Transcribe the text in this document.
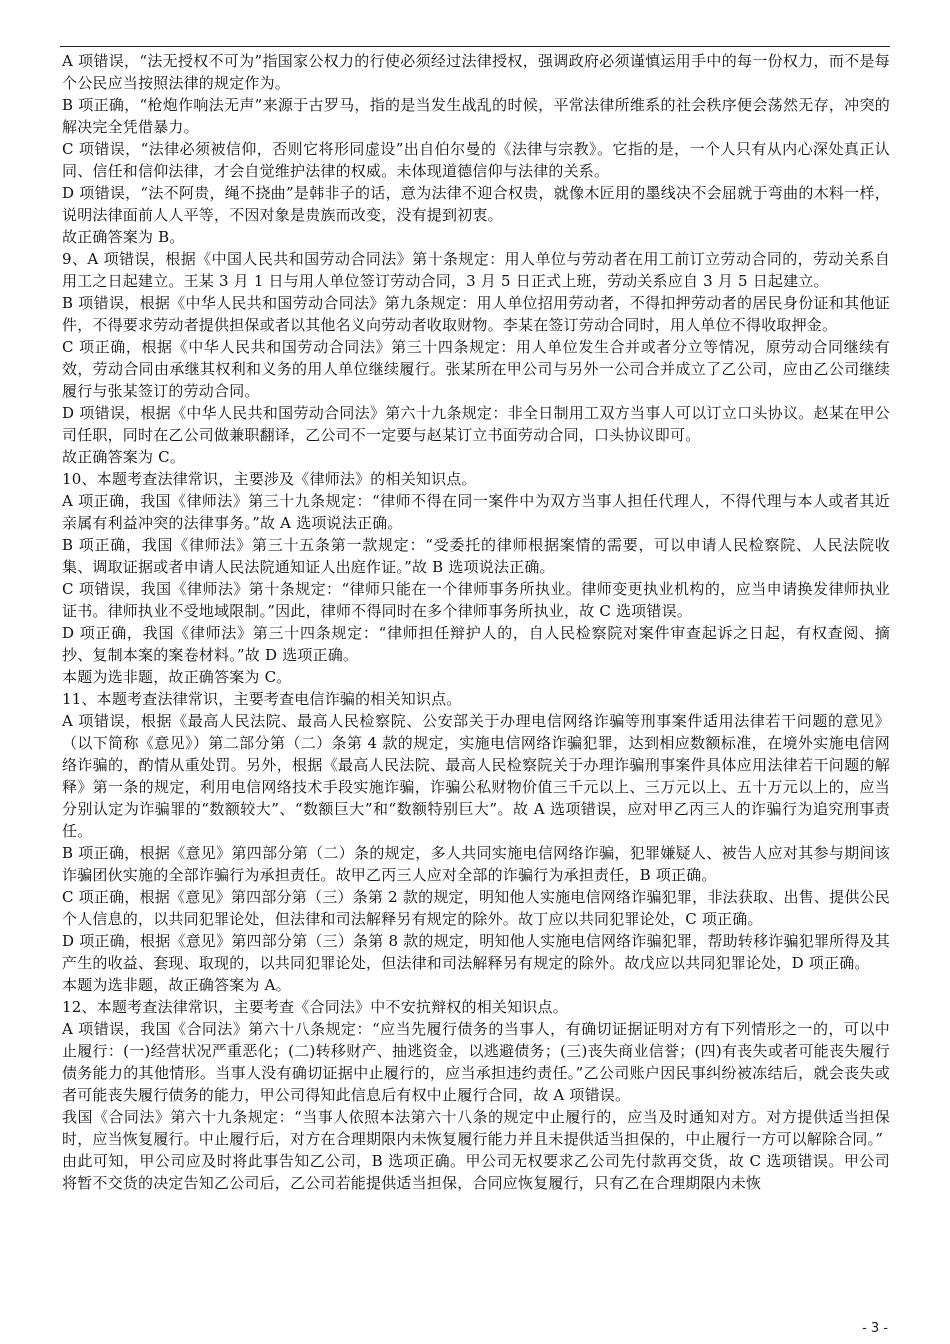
A 项错误，“法无授权不可为”指国家公权力的行使必须经过法律授权，强调政府必须谨慎运用手中的每一份权力，而不是每个公民应当按照法律的规定作为。

B 项正确，“枪炮作响法无声”来源于古罗马，指的是当发生战乱的时候，平常法律所维系的社会秩序便会荡然无存，冲突的解决完全凭借暴力。

C 项错误，“法律必须被信仰，否则它将形同虚设”出自伯尔曼的《法律与宗教》。它指的是，一个人只有从内心深处真正认同、信任和信仰法律，才会自觉维护法律的权威。未体现道德信仰与法律的关系。

D 项错误，“法不阿贵，绳不挠曲”是韩非子的话，意为法律不迎合权贵，就像木匠用的墨线决不会屈就于弯曲的木料一样，说明法律面前人人平等，不因对象是贵族而改变，没有提到初衷。

故正确答案为 B。

9、A 项错误，根据《中国人民共和国劳动合同法》第十条规定：用人单位与劳动者在用工前订立劳动合同的，劳动关系自用工之日起建立。王某 3 月 1 日与用人单位签订劳动合同，3 月 5 日正式上班，劳动关系应自 3 月 5 日起建立。

B 项错误，根据《中华人民共和国劳动合同法》第九条规定：用人单位招用劳动者，不得扣押劳动者的居民身份证和其他证件，不得要求劳动者提供担保或者以其他名义向劳动者收取财物。李某在签订劳动合同时，用人单位不得收取押金。

C 项正确，根据《中华人民共和国劳动合同法》第三十四条规定：用人单位发生合并或者分立等情况，原劳动合同继续有效，劳动合同由承继其权利和义务的用人单位继续履行。张某所在甲公司与另外一公司合并成立了乙公司，应由乙公司继续履行与张某签订的劳动合同。

D 项错误，根据《中华人民共和国劳动合同法》第六十九条规定：非全日制用工双方当事人可以订立口头协议。赵某在甲公司任职，同时在乙公司做兼职翻译，乙公司不一定要与赵某订立书面劳动合同，口头协议即可。

故正确答案为 C。

10、本题考查法律常识，主要涉及《律师法》的相关知识点。

A 项正确，我国《律师法》第三十九条规定：“律师不得在同一案件中为双方当事人担任代理人，不得代理与本人或者其近亲属有利益冲突的法律事务。”故 A 选项说法正确。

B 项正确，我国《律师法》第三十五条第一款规定：“受委托的律师根据案情的需要，可以申请人民检察院、人民法院收集、调取证据或者申请人民法院通知证人出庭作证。”故 B 选项说法正确。

C 项错误，我国《律师法》第十条规定：“律师只能在一个律师事务所执业。律师变更执业机构的，应当申请换发律师执业证书。律师执业不受地域限制。”因此，律师不得同时在多个律师事务所执业，故 C 选项错误。

D 项正确，我国《律师法》第三十四条规定：“律师担任辩护人的，自人民检察院对案件审查起诉之日起，有权查阅、摘抄、复制本案的案卷材料。”故 D 选项正确。

本题为选非题，故正确答案为 C。

11、本题考查法律常识，主要考查电信诈骗的相关知识点。

A 项错误，根据《最高人民法院、最高人民检察院、公安部关于办理电信网络诈骗等刑事案件适用法律若干问题的意见》（以下简称《意见》）第二部分第（二）条第 4 款的规定，实施电信网络诈骗犯罪，达到相应数额标准，在境外实施电信网络诈骗的，酌情从重处罚。另外，根据《最高人民法院、最高人民检察院关于办理诈骗刑事案件具体应用法律若干问题的解释》第一条的规定，利用电信网络技术手段实施诈骗，诈骗公私财物价值三千元以上、三万元以上、五十万元以上的，应当分别认定为诈骗罪的“数额较大”、“数额巨大”和“数额特别巨大”。故 A 选项错误，应对甲乙丙三人的诈骗行为追究刑事责任。

B 项正确，根据《意见》第四部分第（二）条的规定，多人共同实施电信网络诈骗，犯罪嫌疑人、被告人应对其参与期间该诈骗团伙实施的全部诈骗行为承担责任。故甲乙丙三人应对全部的诈骗行为承担责任，B 项正确。

C 项正确，根据《意见》第四部分第（三）条第 2 款的规定，明知他人实施电信网络诈骗犯罪，非法获取、出售、提供公民个人信息的，以共同犯罪论处，但法律和司法解释另有规定的除外。故丁应以共同犯罪论处，C 项正确。

D 项正确，根据《意见》第四部分第（三）条第 8 款的规定，明知他人实施电信网络诈骗犯罪，帮助转移诈骗犯罪所得及其产生的收益、套现、取现的，以共同犯罪论处，但法律和司法解释另有规定的除外。故戊应以共同犯罪论处，D 项正确。

本题为选非题，故正确答案为 A。

12、本题考查法律常识，主要考查《合同法》中不安抗辩权的相关知识点。

A 项错误，我国《合同法》第六十八条规定：“应当先履行债务的当事人，有确切证据证明对方有下列情形之一的，可以中止履行：(一)经营状况严重恶化；(二)转移财产、抽逃资金，以逃避债务；(三)丧失商业信誉；(四)有丧失或者可能丧失履行债务能力的其他情形。当事人没有确切证据中止履行的，应当承担违约责任。”乙公司账户因民事纠纷被冻结后，就会丧失或者可能丧失履行债务的能力，甲公司得知此信息后有权中止履行合同，故 A 项错误。

我国《合同法》第六十九条规定：“当事人依照本法第六十八条的规定中止履行的，应当及时通知对方。对方提供适当担保时，应当恢复履行。中止履行后，对方在合理期限内未恢复履行能力并且未提供适当担保的，中止履行一方可以解除合同。”

由此可知，甲公司应及时将此事告知乙公司，B 选项正确。甲公司无权要求乙公司先付款再交货，故 C 选项错误。甲公司将暂不交货的决定告知乙公司后，乙公司若能提供适当担保，合同应恢复履行，只有乙在合理期限内未恢

- 3 -
